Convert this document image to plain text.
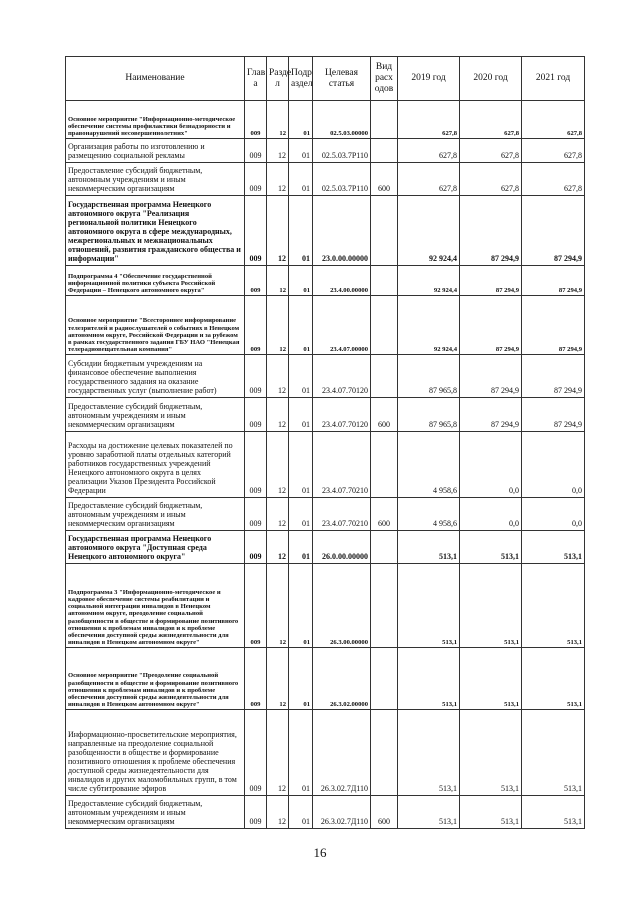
Наименование	Глав а	Разде л	Подр аздел	Целевая статья	Вид расх одов	2019 год	2020 год	2021 год
Основное мероприятие "Информационно-методическое обеспечение системы профилактики безнадзорности и правонарушений несовершеннолетних"	009	12	01	02.5.03.00000		627,8	627,8	627,8
Организация работы по изготовлению и размещению социальной рекламы	009	12	01	02.5.03.7Р110		627,8	627,8	627,8
Предоставление субсидий бюджетным, автономным учреждениям и иным некоммерческим организациям	009	12	01	02.5.03.7Р110	600	627,8	627,8	627,8
Государственная программа Ненецкого автономного округа "Реализация региональной политики Ненецкого автономного округа в сфере международных, межрегиональных и межнациональных отношений, развития гражданского общества и информации"	009	12	01	23.0.00.00000		92 924,4	87 294,9	87 294,9
Подпрограмма 4 "Обеспечение государственной информационной политики субъекта Российской Федерации – Ненецкого автономного округа"	009	12	01	23.4.00.00000		92 924,4	87 294,9	87 294,9
Основное мероприятие "Всестороннее информирование телезрителей и радиослушателей о событиях в Ненецком автономном округе, Российской Федерации и за рубежом в рамках государственного задания ГБУ НАО "Ненецкая телерадиовещательная компания"	009	12	01	23.4.07.00000		92 924,4	87 294,9	87 294,9
Субсидии бюджетным учреждениям на финансовое обеспечение выполнения государственного задания на оказание государственных услуг (выполнение работ)	009	12	01	23.4.07.70120		87 965,8	87 294,9	87 294,9
Предоставление субсидий бюджетным, автономным учреждениям и иным некоммерческим организациям	009	12	01	23.4.07.70120	600	87 965,8	87 294,9	87 294,9
Расходы на достижение целевых показателей по уровню заработной платы отдельных категорий работников государственных учреждений Ненецкого автономного округа в целях реализации Указов Президента Российской Федерации	009	12	01	23.4.07.70210		4 958,6	0,0	0,0
Предоставление субсидий бюджетным, автономным учреждениям и иным некоммерческим организациям	009	12	01	23.4.07.70210	600	4 958,6	0,0	0,0
Государственная программа Ненецкого автономного округа "Доступная среда Ненецкого автономного округа"	009	12	01	26.0.00.00000		513,1	513,1	513,1
Подпрограмма 3 "Информационно-методическое и кадровое обеспечение системы реабилитации и социальной интеграции инвалидов в Ненецком автономном округе, преодоление социальной разобщенности в обществе и формирование позитивного отношения к проблемам инвалидов и к проблеме обеспечения доступной среды жизнедеятельности для инвалидов в Ненецком автономном округе"	009	12	01	26.3.00.00000		513,1	513,1	513,1
Основное мероприятие "Преодоление социальной разобщенности в обществе и формирование позитивного отношения к проблемам инвалидов и к проблеме обеспечения доступной среды жизнедеятельности для инвалидов в Ненецком автономном округе"	009	12	01	26.3.02.00000		513,1	513,1	513,1
Информационно-просветительские мероприятия, направленные на преодоление социальной разобщенности в обществе и формирование позитивного отношения к проблеме обеспечения доступной среды жизнедеятельности для инвалидов и других маломобильных групп, в том числе субтитрование эфиров	009	12	01	26.3.02.7Д110		513,1	513,1	513,1
Предоставление субсидий бюджетным, автономным учреждениям и иным некоммерческим организациям	009	12	01	26.3.02.7Д110	600	513,1	513,1	513,1
16
